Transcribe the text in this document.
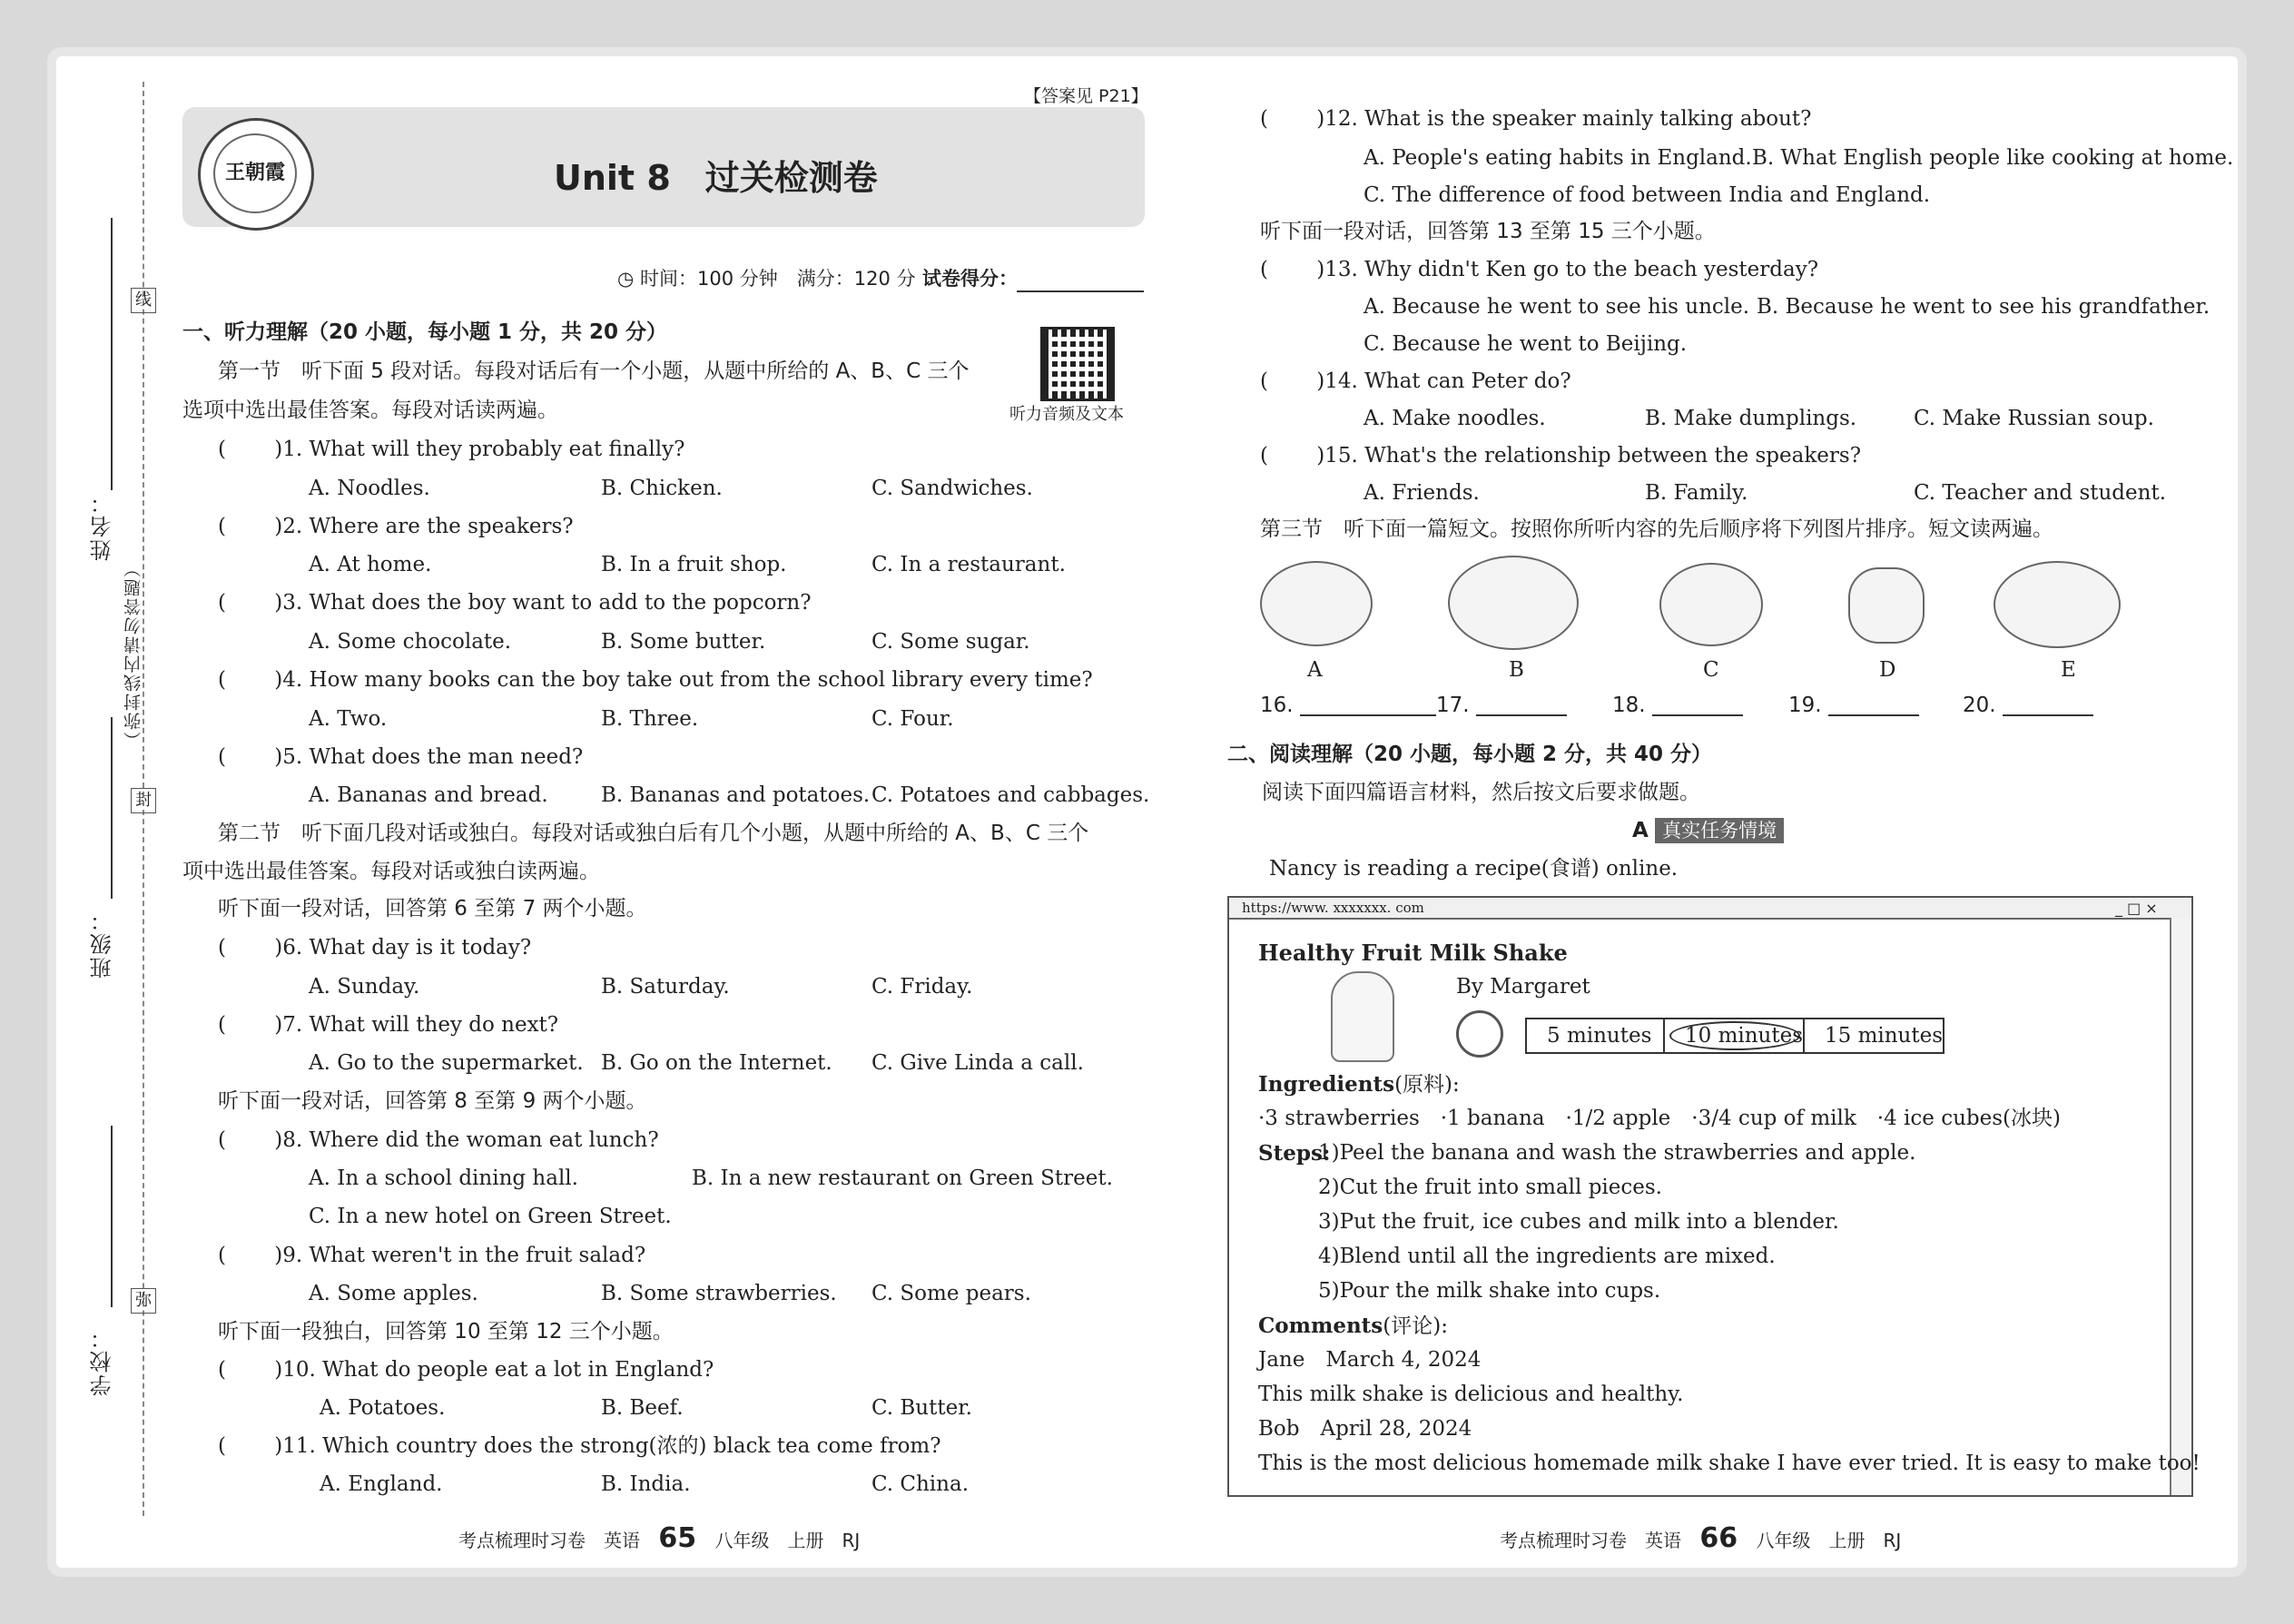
线
封
弥
姓名：
班级：
学校：
（弥封线内请勿答题）
【答案见 P21】
王朝霞	Unit 8　过关检测卷
◷ 时间：100 分钟　满分：120 分 试卷得分：
一、听力理解（20 小题，每小题 1 分，共 20 分）
第一节　听下面 5 段对话。每段对话后有一个小题，从题中所给的 A、B、C 三个
选项中选出最佳答案。每段对话读两遍。	听力音频及文本
( 　　)1. What will they probably eat finally?
A. Noodles.	B. Chicken.	C. Sandwiches.
( 　　)2. Where are the speakers?
A. At home.	B. In a fruit shop.	C. In a restaurant.
( 　　)3. What does the boy want to add to the popcorn?
A. Some chocolate.	B. Some butter.	C. Some sugar.
( 　　)4. How many books can the boy take out from the school library every time?
A. Two.	B. Three.	C. Four.
( 　　)5. What does the man need?
A. Bananas and bread.	B. Bananas and potatoes. C. Potatoes and cabbages.
第二节　听下面几段对话或独白。每段对话或独白后有几个小题，从题中所给的 A、B、C 三个
项中选出最佳答案。每段对话或独白读两遍。
听下面一段对话，回答第 6 至第 7 两个小题。
( 　　)6. What day is it today?
A. Sunday.	B. Saturday.	C. Friday.
( 　　)7. What will they do next?
A. Go to the supermarket. B. Go on the Internet. C. Give Linda a call.
听下面一段对话，回答第 8 至第 9 两个小题。
( 　　)8. Where did the woman eat lunch?
A. In a school dining hall.	B. In a new restaurant on Green Street.
C. In a new hotel on Green Street.
( 　　)9. What weren't in the fruit salad?
A. Some apples.	B. Some strawberries. C. Some pears.
听下面一段独白，回答第 10 至第 12 三个小题。
( 　　)10. What do people eat a lot in England?
A. Potatoes.	B. Beef.	C. Butter.
( 　　)11. Which country does the strong(浓的) black tea come from?
A. England.	B. India.	C. China.
( 　　)12. What is the speaker mainly talking about?
A. People's eating habits in England. B. What English people like cooking at home.
C. The difference of food between India and England.
听下面一段对话，回答第 13 至第 15 三个小题。
( 　　)13. Why didn't Ken go to the beach yesterday?
A. Because he went to see his uncle. B. Because he went to see his grandfather.
C. Because he went to Beijing.
( 　　)14. What can Peter do?
A. Make noodles.	B. Make dumplings.	C. Make Russian soup.
( 　　)15. What's the relationship between the speakers?
A. Friends.	B. Family.	C. Teacher and student.
第三节　听下面一篇短文。按照你所听内容的先后顺序将下列图片排序。短文读两遍。
A	B	C	D	E
16.	17.	18.	19.	20.
二、阅读理解（20 小题，每小题 2 分，共 40 分）
阅读下面四篇语言材料，然后按文后要求做题。
A 真实任务情境
Nancy is reading a recipe(食谱) online.
https://www. xxxxxxx. com	_ □ ×
Healthy Fruit Milk Shake
By Margaret
5 minutes 10 minutes 15 minutes
Ingredients(原料):
·3 strawberries　·1 banana　·1/2 apple　·3/4 cup of milk　·4 ice cubes(冰块)
Steps:
1)Peel the banana and wash the strawberries and apple.
2)Cut the fruit into small pieces.
3)Put the fruit, ice cubes and milk into a blender.
4)Blend until all the ingredients are mixed.
5)Pour the milk shake into cups.
Comments(评论):
Jane　March 4, 2024
This milk shake is delicious and healthy.
Bob　April 28, 2024
This is the most delicious homemade milk shake I have ever tried. It is easy to make too!
考点梳理时习卷　英语 65 八年级　上册　RJ	考点梳理时习卷　英语 66 八年级　上册　RJ
